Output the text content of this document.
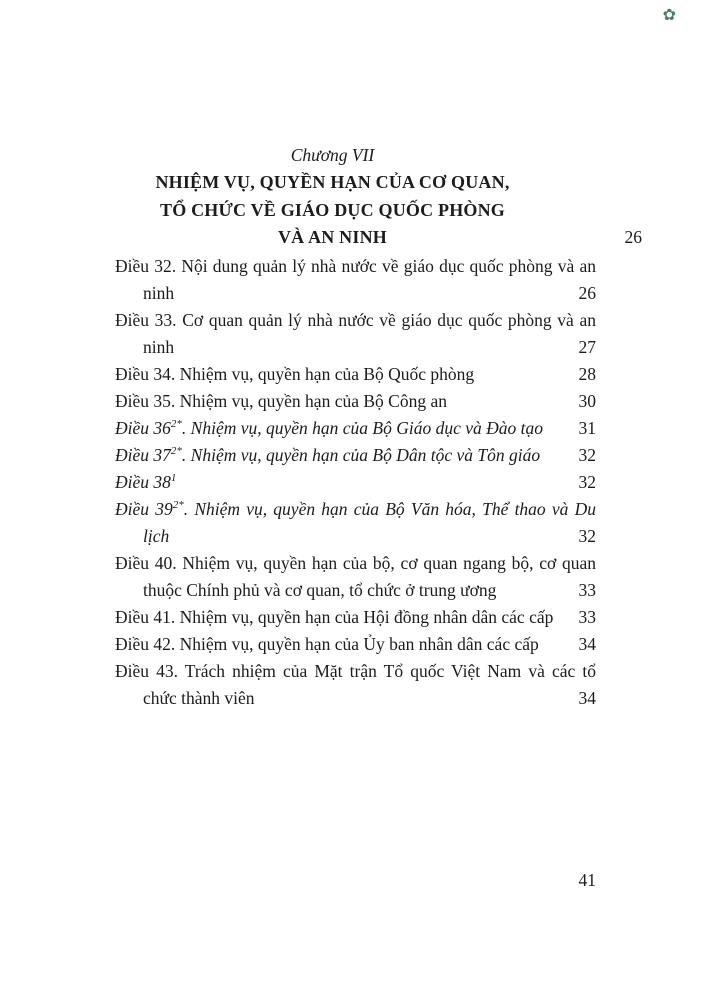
✿
Chương VII
NHIỆM VỤ, QUYỀN HẠN CỦA CƠ QUAN,
TỔ CHỨC VỀ GIÁO DỤC QUỐC PHÒNG
VÀ AN NINH	26
Điều 32. Nội dung quản lý nhà nước về giáo dục quốc phòng và an ninh	26
Điều 33. Cơ quan quản lý nhà nước về giáo dục quốc phòng và an ninh	27
Điều 34. Nhiệm vụ, quyền hạn của Bộ Quốc phòng	28
Điều 35. Nhiệm vụ, quyền hạn của Bộ Công an	30
Điều $36^{2*}$. Nhiệm vụ, quyền hạn của Bộ Giáo dục và Đào tạo	31
Điều $37^{2*}$. Nhiệm vụ, quyền hạn của Bộ Dân tộc và Tôn giáo	32
Điều $38^1$	32
Điều $39^{2*}$. Nhiệm vụ, quyền hạn của Bộ Văn hóa, Thể thao và Du lịch	32
Điều 40. Nhiệm vụ, quyền hạn của bộ, cơ quan ngang bộ, cơ quan thuộc Chính phủ và cơ quan, tổ chức ở trung ương	33
Điều 41. Nhiệm vụ, quyền hạn của Hội đồng nhân dân các cấp	33
Điều 42. Nhiệm vụ, quyền hạn của Ủy ban nhân dân các cấp	34
Điều 43. Trách nhiệm của Mặt trận Tổ quốc Việt Nam và các tổ chức thành viên	34
41
